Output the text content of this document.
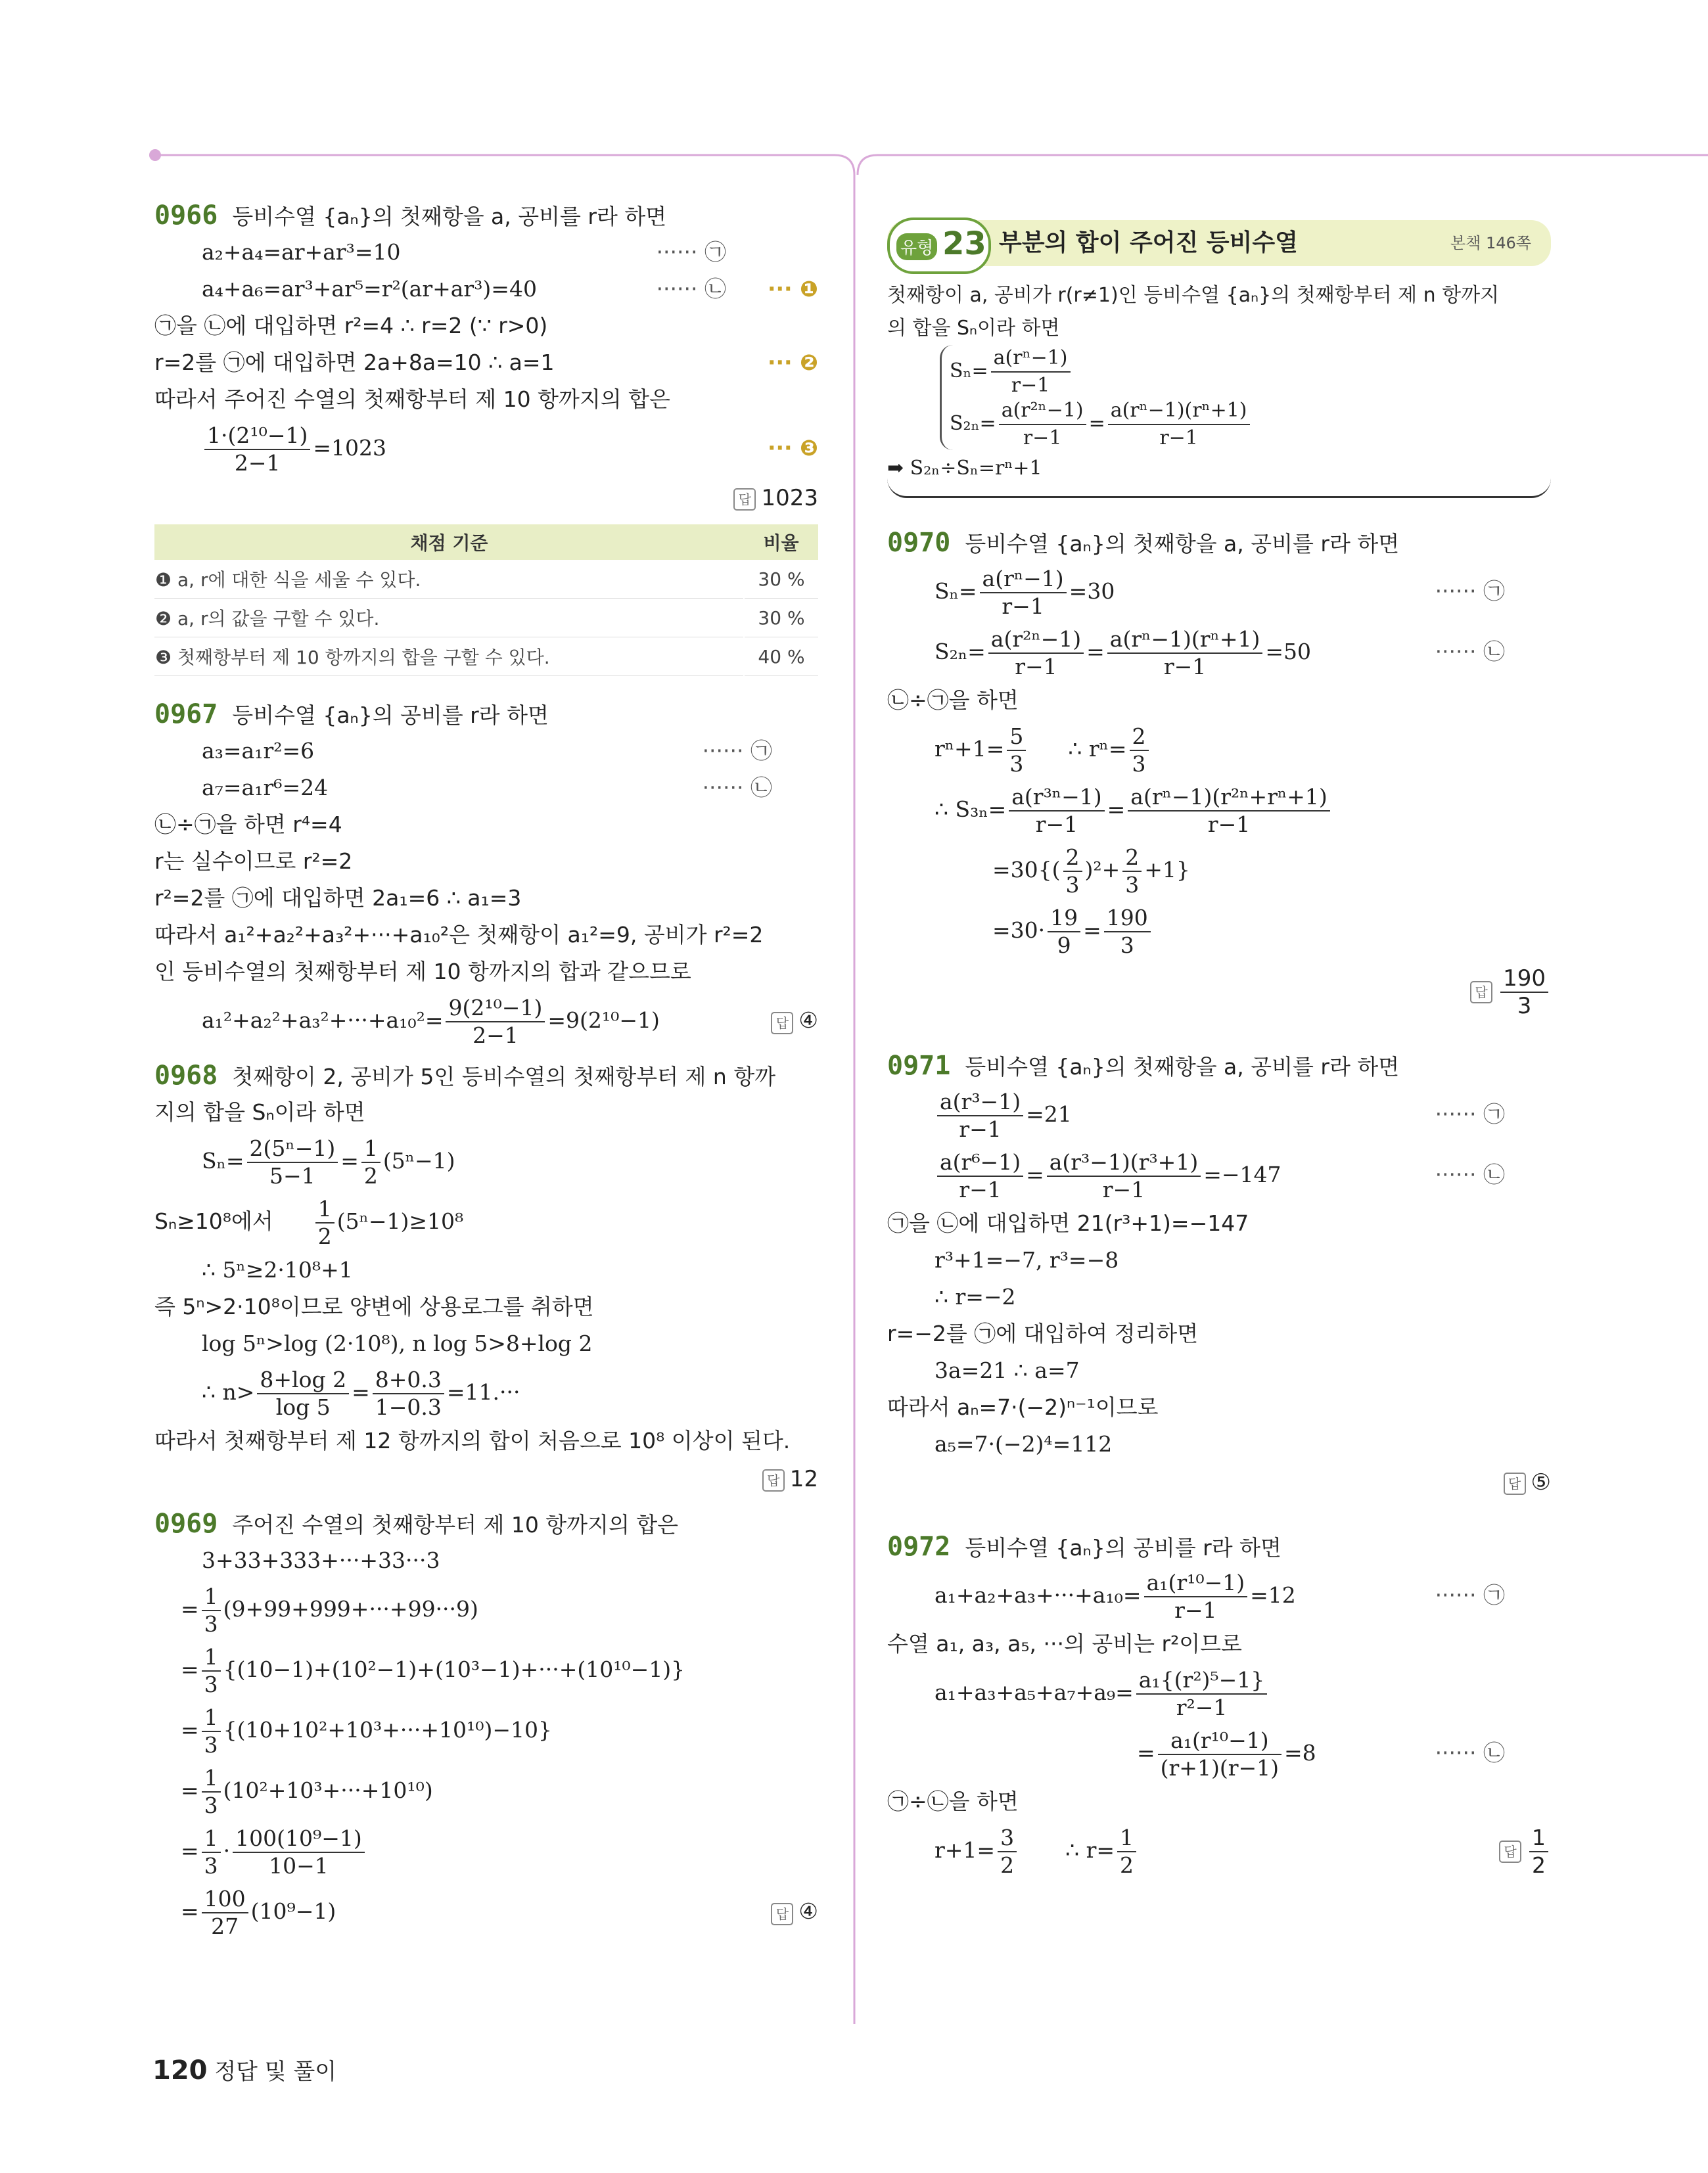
0966 등비수열 {aₙ}의 첫째항을 a, 공비를 r라 하면
a₂+a₄=ar+ar³=10	······ ㉠
a₄+a₆=ar³+ar⁵=r²(ar+ar³)=40	······ ㉡ ··· ❶
㉠을 ㉡에 대입하면 r²=4 ∴ r=2 (∵ r>0)
r=2를 ㉠에 대입하면 2a+8a=10 ∴ a=1	··· ❷
따라서 주어진 수열의 첫째항부터 제 10 항까지의 합은
$\frac{\text{1·(2¹⁰−1)}}{2-1} =1023$	··· ❸
답 1023
채점 기준	비율
❶ a, r에 대한 식을 세울 수 있다.	30 %
❷ a, r의 값을 구할 수 있다.	30 %
❸ 첫째항부터 제 10 항까지의 합을 구할 수 있다.	40 %
0967 등비수열 {aₙ}의 공비를 r라 하면
a₃=a₁r²=6	······ ㉠
a₇=a₁r⁶=24	······ ㉡
㉡÷㉠을 하면 r⁴=4
r는 실수이므로 r²=2
r²=2를 ㉠에 대입하면 2a₁=6 ∴ a₁=3
따라서 a₁²+a₂²+a₃²+···+a₁₀²은 첫째항이 a₁²=9, 공비가 r²=2
인 등비수열의 첫째항부터 제 10 항까지의 합과 같으므로
$a_1^2+a_2^2+a_3^2+\cdot\cdot\cdot+a_{10}^2= \frac{\text{9(2¹⁰−1)}}{2-1} =9(2^{10}-1)$	답 ④
0968 첫째항이 2, 공비가 5인 등비수열의 첫째항부터 제 n 항까
지의 합을 Sₙ이라 하면
$S_n= \frac{\text{2(5ⁿ−1)}}{5-1} = \frac{1}{2} (5^n-1)$
Sₙ≥10⁸에서 $\frac{1}{2} (5^n-1)\ge 10^8$
∴ 5ⁿ≥2·10⁸+1
즉 5ⁿ>2·10⁸이므로 양변에 상용로그를 취하면
log 5ⁿ>log (2·10⁸), n log 5>8+log 2
∴ $n> \frac{8+\log 2}{\log 5} = \frac{8+0.3}{1-0.3} =11.\cdot\cdot\cdot$
따라서 첫째항부터 제 12 항까지의 합이 처음으로 10⁸ 이상이 된다.
답 12
0969 주어진 수열의 첫째항부터 제 10 항까지의 합은
3+33+333+···+33···3
= $\frac{1}{3} (9+99+999+\cdot\cdot\cdot+99\cdot\cdot\cdot 9)$
= $\frac{1}{3} \{(10-1)+(10^2-1)+(10^3-1)+\cdot\cdot\cdot+(10^{10}-1)\}$
= $\frac{1}{3} \{(10+10^2+10^3+\cdot\cdot\cdot+10^{10})-10\}$
= $\frac{1}{3} (10^2+10^3+\cdot\cdot\cdot+10^{10})$
= $\frac{1}{3} \cdot \frac{\text{100(10⁹−1)}}{10-1}$
= $\frac{100}{27} (10^9-1)$	답 ④
유형 23 부분의 합이 주어진 등비수열	본책 146쪽
첫째항이 a, 공비가 r(r≠1)인 등비수열 {aₙ}의 첫째항부터 제 n 항까지
의 합을 Sₙ이라 하면
$S_n= \frac{\text{a(rⁿ−1)}}{r-1}$
$S_{2n}= \frac{\text{a(r²ⁿ−1)}}{r-1} = \frac{\text{a(rⁿ−1)(rⁿ+1)}}{r-1}$
➡ S₂ₙ÷Sₙ=rⁿ+1
0970 등비수열 {aₙ}의 첫째항을 a, 공비를 r라 하면
$S_n= \frac{\text{a(rⁿ−1)}}{r-1} =30$	······ ㉠
$S_{2n}= \frac{\text{a(r²ⁿ−1)}}{r-1} = \frac{\text{a(rⁿ−1)(rⁿ+1)}}{r-1} =50$	······ ㉡
㉡÷㉠을 하면
$r^n+1= \frac{5}{3}$ ∴ $r^n= \frac{2}{3}$
∴ $S_{3n}= \frac{\text{a(r³ⁿ−1)}}{r-1} = \frac{\text{a(rⁿ−1)(r²ⁿ+rⁿ+1)}}{r-1}$
$=30\{( \frac{2}{3} )^2+ \frac{2}{3} +1\}$
$=30\cdot \frac{19}{9} = \frac{190}{3}$
답 $\frac{190}{3}$
0971 등비수열 {aₙ}의 첫째항을 a, 공비를 r라 하면
$\frac{\text{a(r³−1)}}{r-1} =21$	······ ㉠
$\frac{\text{a(r⁶−1)}}{r-1} = \frac{\text{a(r³−1)(r³+1)}}{r-1} =-147$	······ ㉡
㉠을 ㉡에 대입하면 21(r³+1)=−147
r³+1=−7, r³=−8
∴ r=−2
r=−2를 ㉠에 대입하여 정리하면
3a=21 ∴ a=7
따라서 aₙ=7·(−2)ⁿ⁻¹이므로
a₅=7·(−2)⁴=112
답 ⑤
0972 등비수열 {aₙ}의 공비를 r라 하면
$a_1+a_2+a_3+\cdot\cdot\cdot+a_{10}= \frac{\text{a₁(r¹⁰−1)}}{r-1} =12$	······ ㉠
수열 a₁, a₃, a₅, ···의 공비는 r²이므로
$a_1+a_3+a_5+a_7+a_9= \frac{\text{a₁\{(r²)⁵−1\}}}{\text{r²−1}}$
= $\frac{\text{a₁(r¹⁰−1)}}{(r+1)(r-1)} =8$	······ ㉡
㉠÷㉡을 하면
$r+1= \frac{3}{2}$ ∴ $r= \frac{1}{2}$	답 $\frac{1}{2}$
120 정답 및 풀이
